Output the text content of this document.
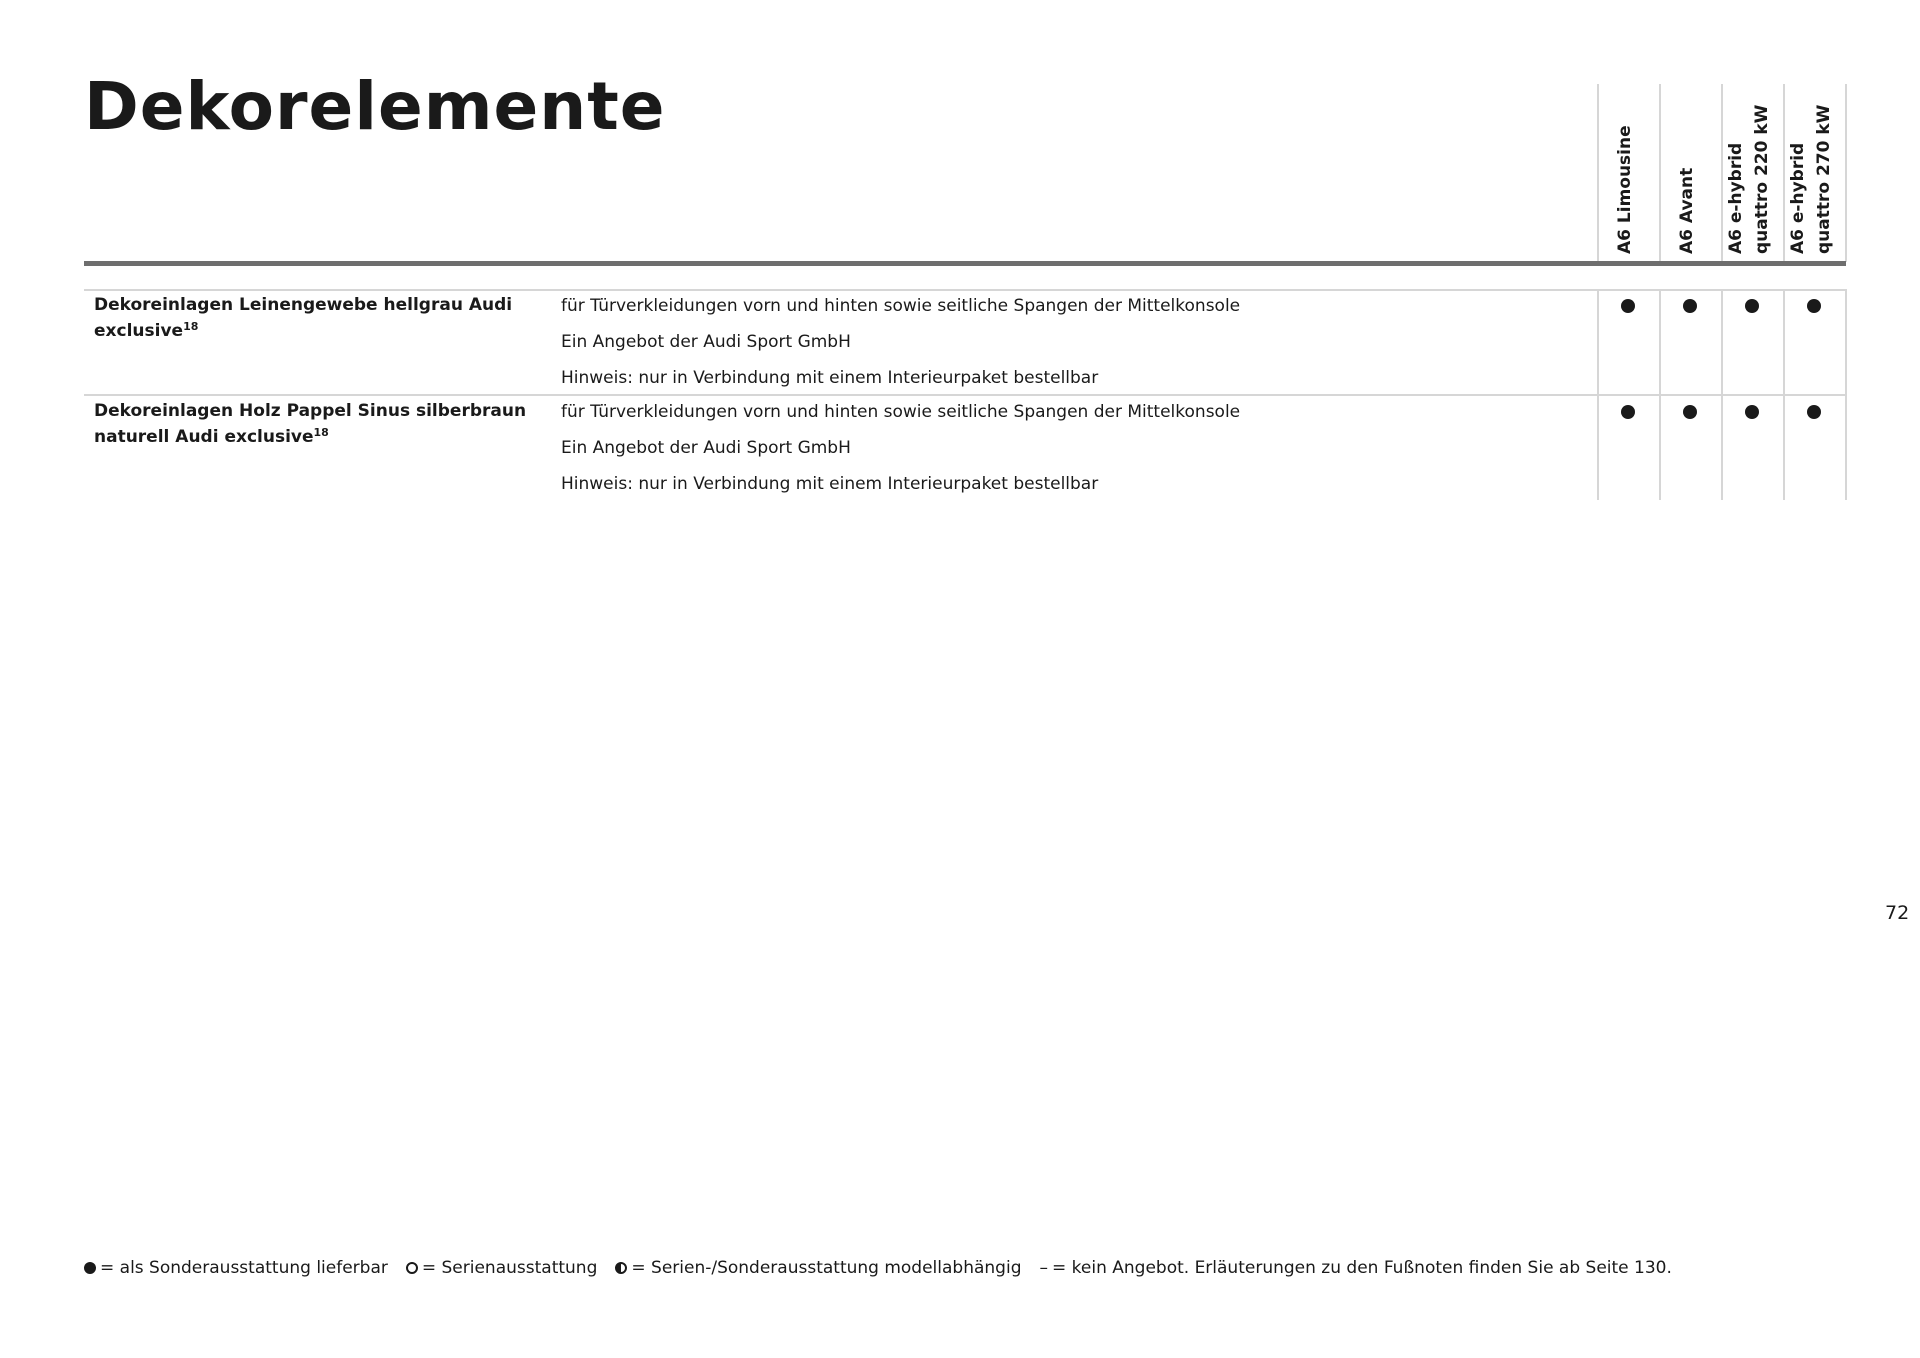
Dekorelemente
A6 Limousine A6 Avant A6 e-hybrid
quattro 220 kW
A6 e-hybrid
quattro 270 kW
Dekoreinlagen Leinengewebe hellgrau Audi exclusive$^{18}$
für Türverkleidungen vorn und hinten sowie seitliche Spangen der Mittelkonsole
Ein Angebot der Audi Sport GmbH
Hinweis: nur in Verbindung mit einem Interieurpaket bestellbar
Dekoreinlagen Holz Pappel Sinus silberbraun naturell Audi exclusive$^{18}$
für Türverkleidungen vorn und hinten sowie seitliche Spangen der Mittelkonsole
Ein Angebot der Audi Sport GmbH
Hinweis: nur in Verbindung mit einem Interieurpaket bestellbar
72
= als Sonderausstattung lieferbar = Serienausstattung = Serien-/Sonderausstattung modellabhängig – = kein Angebot. Erläuterungen zu den Fußnoten finden Sie ab Seite 130.
